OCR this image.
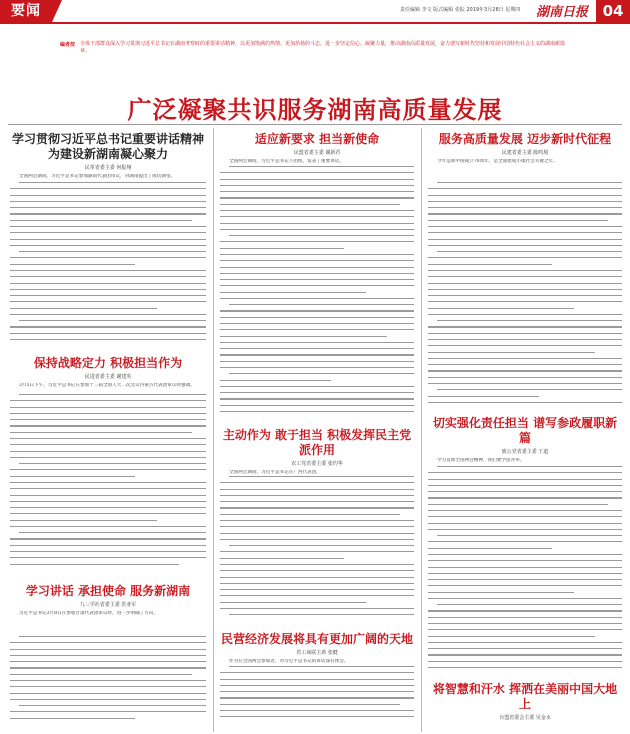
要闻	责任编辑 李文 版式编辑 张振 2019年3月28日 星期四 湖南日报 04
编者按 全体干部群众深入学习贯彻习近平总书记在湖南考察时的重要讲话精神，以更加饱满的热情、更加昂扬的斗志，进一步坚定信心、凝聚力量，推动湖南高质量发展，奋力谱写新时代坚持和发展中国特色社会主义的湖南新篇章。
广泛凝聚共识服务湖南高质量发展
学习贯彻习近平总书记重要讲话精神 为建设新湖南凝心聚力
民革省委主委 何报翔
全国两会期间，习近平总书记参加湖南代表团审议，对湖南提出了殷切期望。
保持战略定力 积极担当作为
民进省委主委 谢建英
3月5日下午，习近平总书记在参加十三届全国人大二次会议内蒙古代表团审议时强调。
学习讲话 承担使命 服务新湖南
九三学社省委主委 洪亚军
习近平总书记3月8日在参加甘肃代表团审议时，进一步明确了方向。
适应新要求 担当新使命
民盟省委主委 谢新君
全国两会期间，习近平总书记下团组，发表了重要讲话。
主动作为 敢于担当 积极发挥民主党派作用
农工党省委主委 张灼华
全国两会期间，习近平总书记在广西代表团，
民营经济发展将具有更加广阔的天地
省工商联主席 张健
作为在全国两会参加者，对习近平总书记的讲话深有体会。
服务高质量发展 迈步新时代征程
民建省委主委 陈鸣凰
今年是新中国成立70周年，是全面建成小康社会关键之年。
切实强化责任担当 谱写参政履职新篇
致公党省委主委 王道
学习贯彻全国两会精神，我们要学思并举。
将智慧和汗水 挥洒在美丽中国大地上
台盟省委会主委 吴金水
